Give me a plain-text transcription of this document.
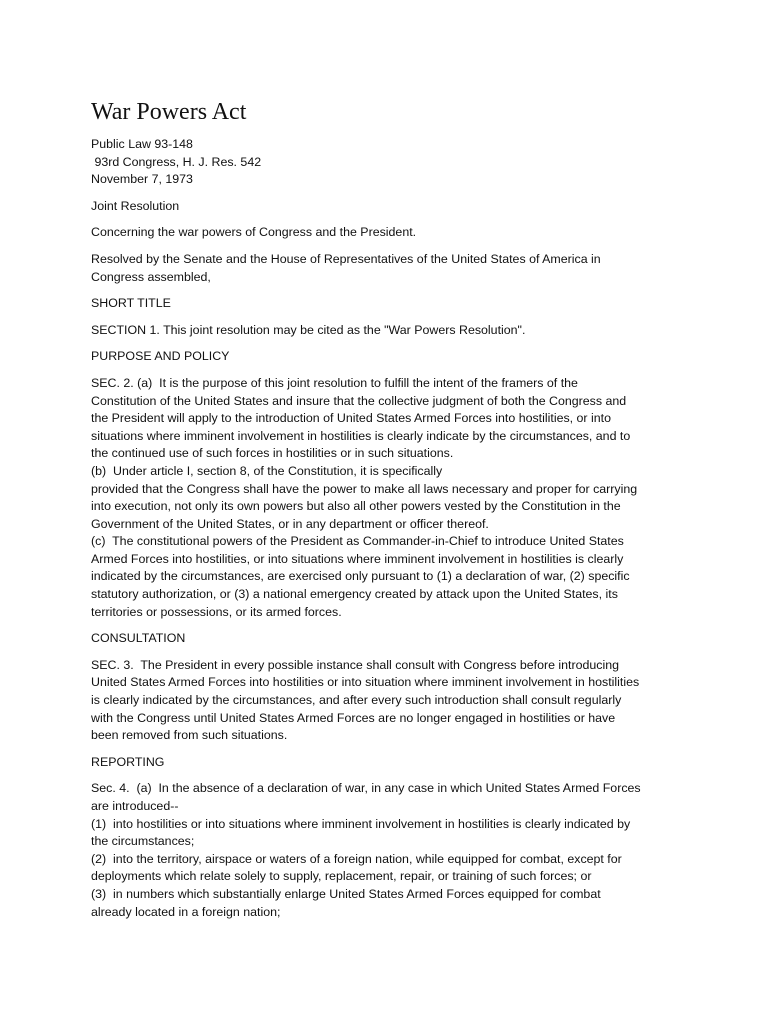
War Powers Act
Public Law 93-148
93rd Congress, H. J. Res. 542
November 7, 1973
Joint Resolution
Concerning the war powers of Congress and the President.
Resolved by the Senate and the House of Representatives of the United States of America in
Congress assembled,
SHORT TITLE
SECTION 1. This joint resolution may be cited as the "War Powers Resolution".
PURPOSE AND POLICY
SEC. 2. (a)  It is the purpose of this joint resolution to fulfill the intent of the framers of the
Constitution of the United States and insure that the collective judgment of both the Congress and
the President will apply to the introduction of United States Armed Forces into hostilities, or into
situations where imminent involvement in hostilities is clearly indicate by the circumstances, and to
the continued use of such forces in hostilities or in such situations.
(b)  Under article I, section 8, of the Constitution, it is specifically
provided that the Congress shall have the power to make all laws necessary and proper for carrying
into execution, not only its own powers but also all other powers vested by the Constitution in the
Government of the United States, or in any department or officer thereof.
(c)  The constitutional powers of the President as Commander-in-Chief to introduce United States
Armed Forces into hostilities, or into situations where imminent involvement in hostilities is clearly
indicated by the circumstances, are exercised only pursuant to (1) a declaration of war, (2) specific
statutory authorization, or (3) a national emergency created by attack upon the United States, its
territories or possessions, or its armed forces.
CONSULTATION
SEC. 3.  The President in every possible instance shall consult with Congress before introducing
United States Armed Forces into hostilities or into situation where imminent involvement in hostilities
is clearly indicated by the circumstances, and after every such introduction shall consult regularly
with the Congress until United States Armed Forces are no longer engaged in hostilities or have
been removed from such situations.
REPORTING
Sec. 4.  (a)  In the absence of a declaration of war, in any case in which United States Armed Forces
are introduced--
(1)  into hostilities or into situations where imminent involvement in hostilities is clearly indicated by
the circumstances;
(2)  into the territory, airspace or waters of a foreign nation, while equipped for combat, except for
deployments which relate solely to supply, replacement, repair, or training of such forces; or
(3)  in numbers which substantially enlarge United States Armed Forces equipped for combat
already located in a foreign nation;
